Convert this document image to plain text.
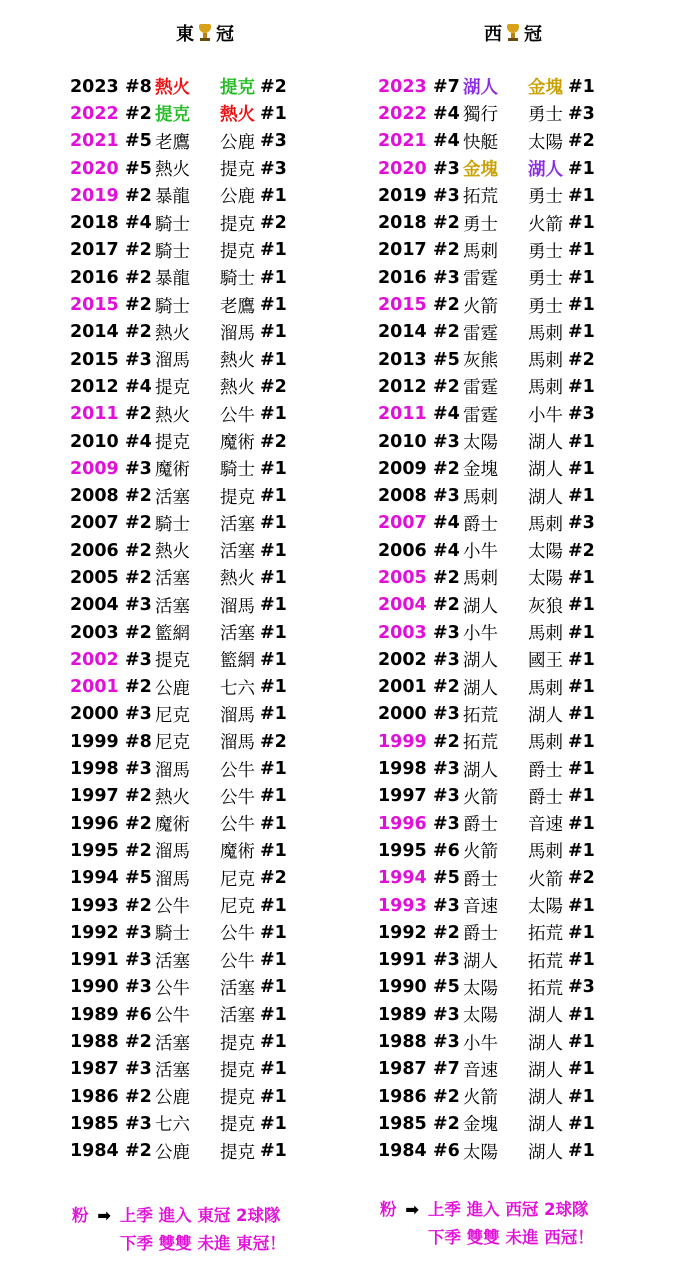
東 冠
2023 #8 熱火	提克 #2
2022 #2 提克	熱火 #1
2021 #5 老鷹	公鹿 #3
2020 #5 熱火	提克 #3
2019 #2 暴龍	公鹿 #1
2018 #4 騎士	提克 #2
2017 #2 騎士	提克 #1
2016 #2 暴龍	騎士 #1
2015 #2 騎士	老鷹 #1
2014 #2 熱火	溜馬 #1
2015 #3 溜馬	熱火 #1
2012 #4 提克	熱火 #2
2011 #2 熱火	公牛 #1
2010 #4 提克	魔術 #2
2009 #3 魔術	騎士 #1
2008 #2 活塞	提克 #1
2007 #2 騎士	活塞 #1
2006 #2 熱火	活塞 #1
2005 #2 活塞	熱火 #1
2004 #3 活塞	溜馬 #1
2003 #2 籃網	活塞 #1
2002 #3 提克	籃網 #1
2001 #2 公鹿	七六 #1
2000 #3 尼克	溜馬 #1
1999 #8 尼克	溜馬 #2
1998 #3 溜馬	公牛 #1
1997 #2 熱火	公牛 #1
1996 #2 魔術	公牛 #1
1995 #2 溜馬	魔術 #1
1994 #5 溜馬	尼克 #2
1993 #2 公牛	尼克 #1
1992 #3 騎士	公牛 #1
1991 #3 活塞	公牛 #1
1990 #3 公牛	活塞 #1
1989 #6 公牛	活塞 #1
1988 #2 活塞	提克 #1
1987 #3 活塞	提克 #1
1986 #2 公鹿	提克 #1
1985 #3 七六	提克 #1
1984 #2 公鹿	提克 #1
粉 ➡ 上季 進入 東冠 2球隊
下季 雙雙 未進 東冠！
西 冠
2023 #7 湖人	金塊 #1
2022 #4 獨行	勇士 #3
2021 #4 快艇	太陽 #2
2020 #3 金塊	湖人 #1
2019 #3 拓荒	勇士 #1
2018 #2 勇士	火箭 #1
2017 #2 馬刺	勇士 #1
2016 #3 雷霆	勇士 #1
2015 #2 火箭	勇士 #1
2014 #2 雷霆	馬刺 #1
2013 #5 灰熊	馬刺 #2
2012 #2 雷霆	馬刺 #1
2011 #4 雷霆	小牛 #3
2010 #3 太陽	湖人 #1
2009 #2 金塊	湖人 #1
2008 #3 馬刺	湖人 #1
2007 #4 爵士	馬刺 #3
2006 #4 小牛	太陽 #2
2005 #2 馬刺	太陽 #1
2004 #2 湖人	灰狼 #1
2003 #3 小牛	馬刺 #1
2002 #3 湖人	國王 #1
2001 #2 湖人	馬刺 #1
2000 #3 拓荒	湖人 #1
1999 #2 拓荒	馬刺 #1
1998 #3 湖人	爵士 #1
1997 #3 火箭	爵士 #1
1996 #3 爵士	音速 #1
1995 #6 火箭	馬刺 #1
1994 #5 爵士	火箭 #2
1993 #3 音速	太陽 #1
1992 #2 爵士	拓荒 #1
1991 #3 湖人	拓荒 #1
1990 #5 太陽	拓荒 #3
1989 #3 太陽	湖人 #1
1988 #3 小牛	湖人 #1
1987 #7 音速	湖人 #1
1986 #2 火箭	湖人 #1
1985 #2 金塊	湖人 #1
1984 #6 太陽	湖人 #1
粉 ➡ 上季 進入 西冠 2球隊
下季 雙雙 未進 西冠！
